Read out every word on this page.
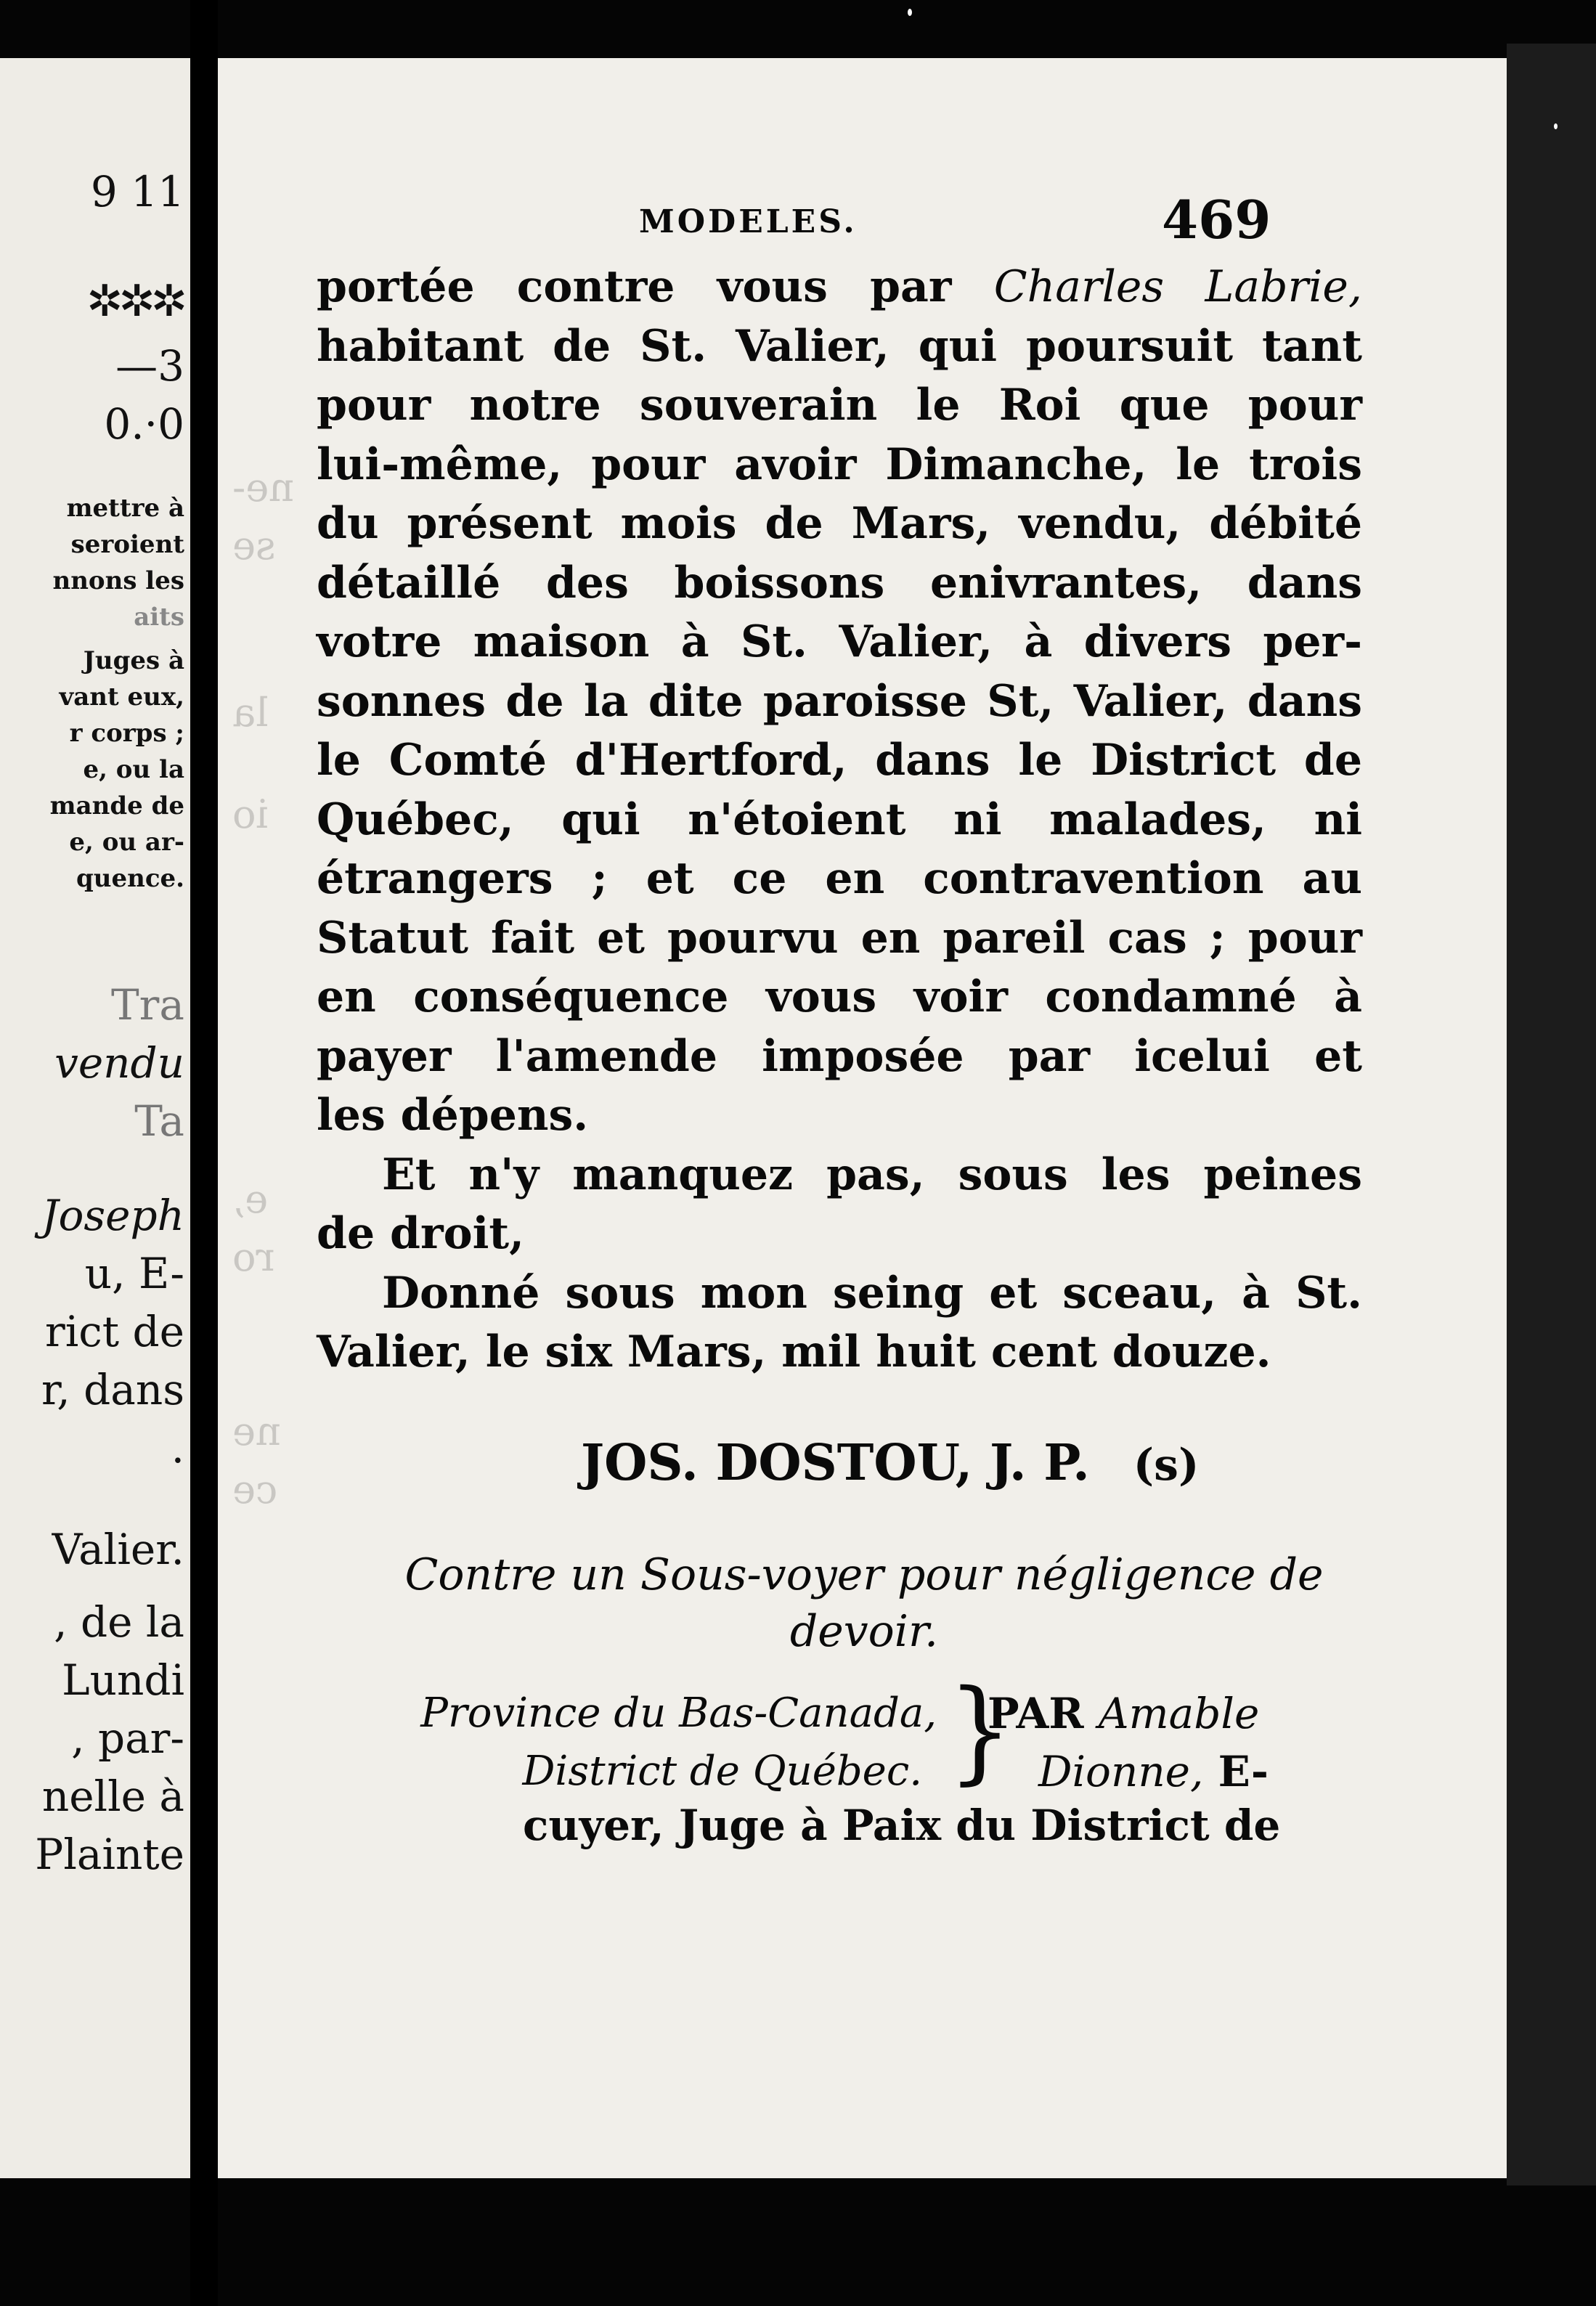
9 11
✲✲✲
—3
0.·0
mettre à
seroient
nnons les
aits
Juges à
vant eux,
r corps ;
e, ou la
mande de
e, ou ar-
quence.
Tra
vendu
Ta
Joseph
u, E-
rict de
r, dans
.
Valier.
, de la
Lundi
, par-
nelle à
Plainte
ne-
se
la
io
e,
ro
ne
ce
MODELES.	469
portée contre vous par Charles Labrie,
habitant de St. Valier, qui poursuit tant
pour notre souverain le Roi que pour
lui-même, pour avoir Dimanche, le trois
du présent mois de Mars, vendu, débité
détaillé des boissons enivrantes, dans
votre maison à St. Valier, à divers per-
sonnes de la dite paroisse St, Valier, dans
le Comté d'Hertford, dans le District de
Québec, qui n'étoient ni malades, ni
étrangers ; et ce en contravention au
Statut fait et pourvu en pareil cas ; pour
en conséquence vous voir condamné à
payer l'amende imposée par icelui et
les dépens.
Et n'y manquez pas, sous les peines
de droit,
Donné sous mon seing et sceau, à St.
Valier, le six Mars, mil huit cent douze.
JOS. DOSTOU, J. P. (s)
Contre un Sous-voyer pour négligence de
devoir.
Province du Bas-Canada,
District de Québec. }
PAR Amable
Dionne, E-
cuyer, Juge à Paix du District de
